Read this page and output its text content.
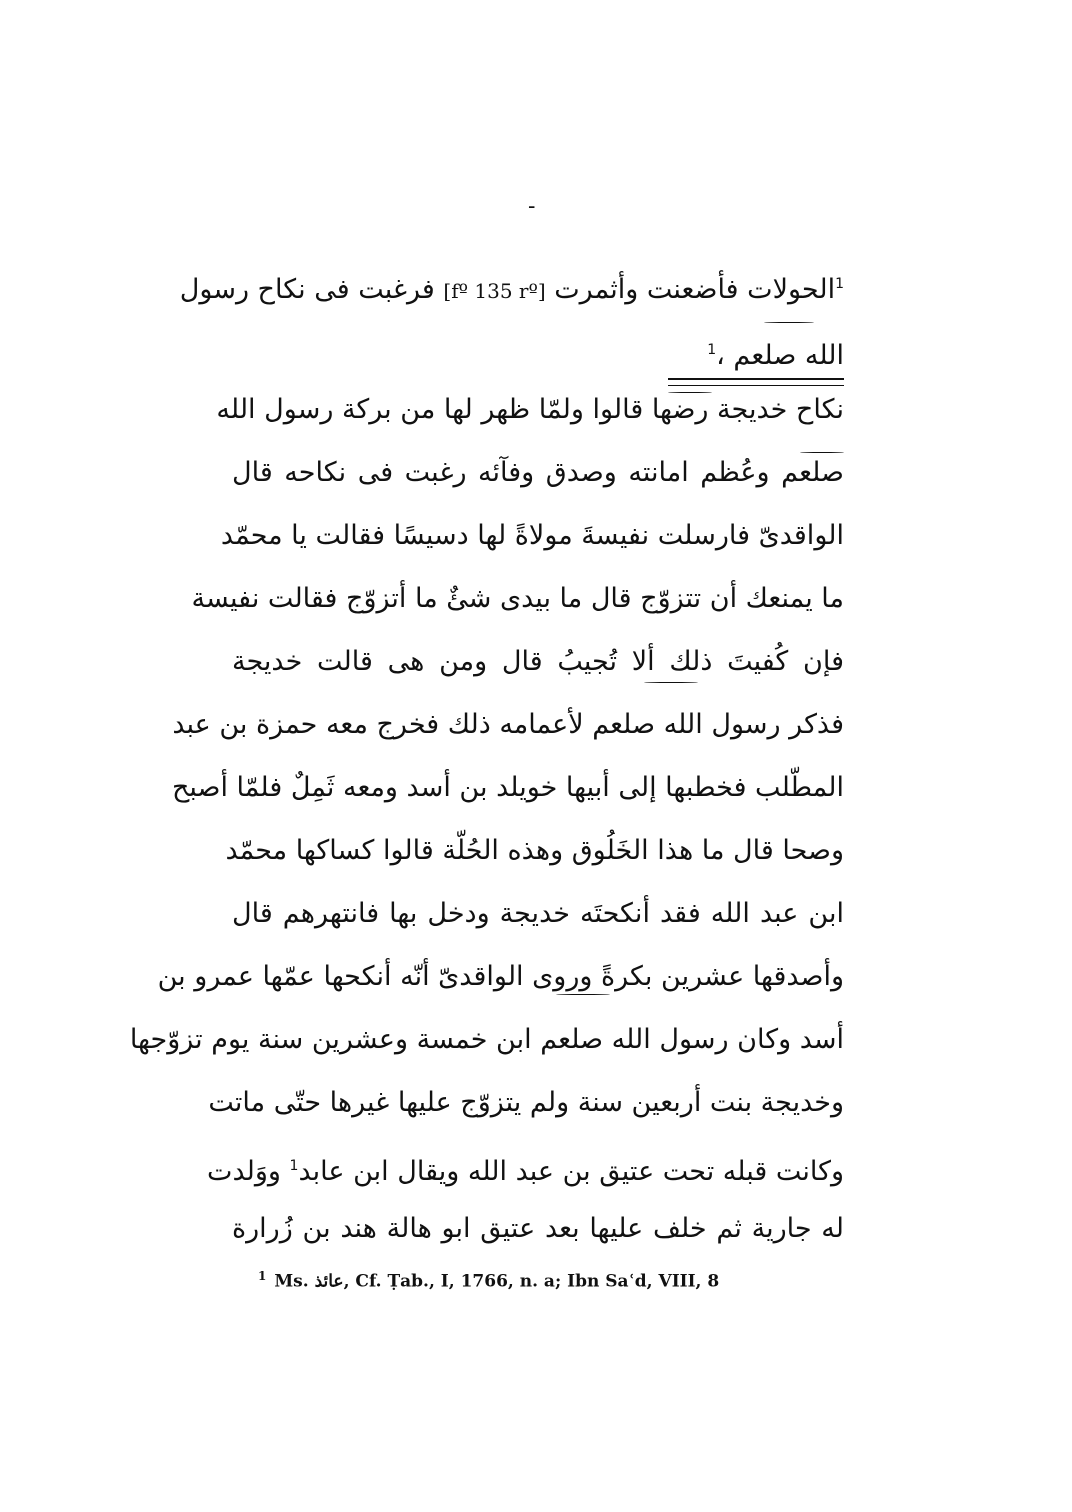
-
$^1$الحولات فأضعنت وأثمرت [fº 135 rº] فرغبت فى نكاح رسول
الله صلعم ،$^1$
نكاح خديجة رضها قالوا ولمّا ظهر لها من بركة رسول الله
صلعم وعُظم امانته وصدق وفآئه رغبت فى نكاحه قال
الواقدىّ فارسلت نفيسةَ مولاةً لها دسيسًا فقالت يا محمّد
ما يمنعك أن تتزوّج قال ما بيدى شئٌ ما أتزوّج فقالت نفيسة
فإن كُفيتَ ذلك ألا تُجيبُ قال ومن هى قالت خديجة
فذكر رسول الله صلعم لأعمامه ذلك فخرج معه حمزة بن عبد
المطّلب فخطبها إلى أبيها خويلد بن أسد ومعه ثَمِلٌ فلمّا أصبح
وصحا قال ما هذا الخَلُوق وهذه الحُلّة قالوا كساكها محمّد
ابن عبد الله فقد أنكحتَه خديجة ودخل بها فانتهرهم قال
وأصدقها عشرين بكرةً وروى الواقدىّ أنّه أنكحها عمّها عمرو بن
أسد وكان رسول الله صلعم ابن خمسة وعشرين سنة يوم تزوّجها
وخديجة بنت أربعين سنة ولم يتزوّج عليها غيرها حتّى ماتت
وكانت قبله تحت عتيق بن عبد الله ويقال ابن عابد$^1$ ووَلدت
له جارية ثم خلف عليها بعد عتيق ابو هالة هند بن زُرارة
$^1$ Ms. عائذ, Cf. Ṭab., I, 1766, n. a; Ibn Saʿd, VIII, 8
